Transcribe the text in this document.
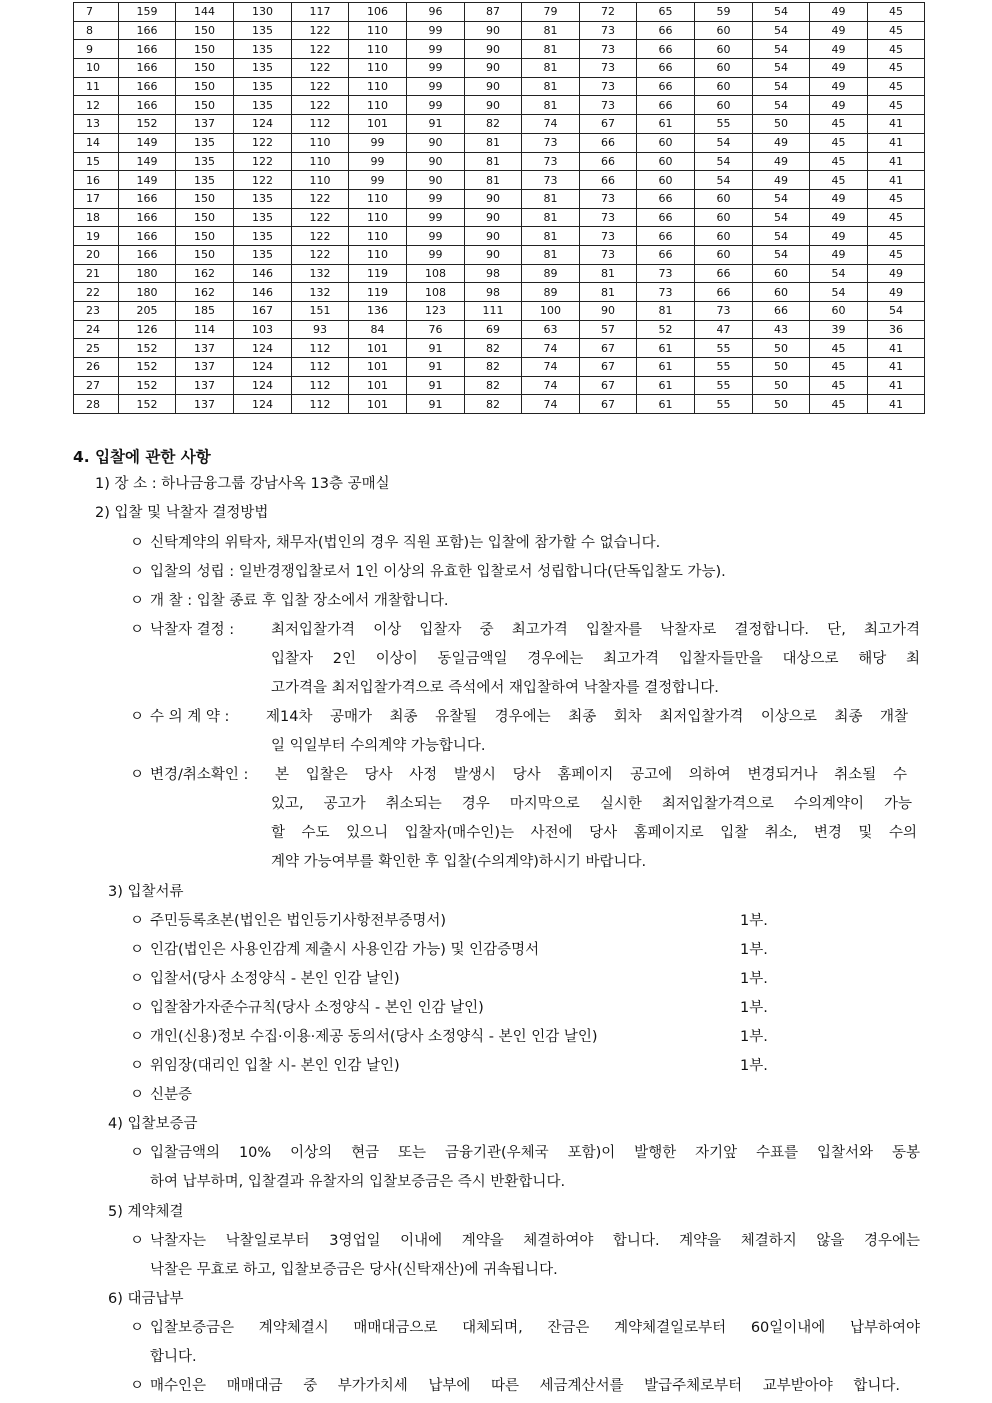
7	159	144	130	117	106	96	87	79	72	65	59	54	49	45
8	166	150	135	122	110	99	90	81	73	66	60	54	49	45
9	166	150	135	122	110	99	90	81	73	66	60	54	49	45
10	166	150	135	122	110	99	90	81	73	66	60	54	49	45
11	166	150	135	122	110	99	90	81	73	66	60	54	49	45
12	166	150	135	122	110	99	90	81	73	66	60	54	49	45
13	152	137	124	112	101	91	82	74	67	61	55	50	45	41
14	149	135	122	110	99	90	81	73	66	60	54	49	45	41
15	149	135	122	110	99	90	81	73	66	60	54	49	45	41
16	149	135	122	110	99	90	81	73	66	60	54	49	45	41
17	166	150	135	122	110	99	90	81	73	66	60	54	49	45
18	166	150	135	122	110	99	90	81	73	66	60	54	49	45
19	166	150	135	122	110	99	90	81	73	66	60	54	49	45
20	166	150	135	122	110	99	90	81	73	66	60	54	49	45
21	180	162	146	132	119	108	98	89	81	73	66	60	54	49
22	180	162	146	132	119	108	98	89	81	73	66	60	54	49
23	205	185	167	151	136	123	111	100	90	81	73	66	60	54
24	126	114	103	93	84	76	69	63	57	52	47	43	39	36
25	152	137	124	112	101	91	82	74	67	61	55	50	45	41
26	152	137	124	112	101	91	82	74	67	61	55	50	45	41
27	152	137	124	112	101	91	82	74	67	61	55	50	45	41
28	152	137	124	112	101	91	82	74	67	61	55	50	45	41
4. 입찰에 관한 사항
1) 장 소 : 하나금융그룹 강남사옥 13층 공매실
2) 입찰 및 낙찰자 결정방법
ㅇ 신탁계약의 위탁자, 채무자(법인의 경우 직원 포함)는 입찰에 참가할 수 없습니다.
ㅇ 입찰의 성립 : 일반경쟁입찰로서 1인 이상의 유효한 입찰로서 성립합니다(단독입찰도 가능).
ㅇ 개 찰 : 입찰 종료 후 입찰 장소에서 개찰합니다.
ㅇ 낙찰자 결정 :	최저입찰가격 이상 입찰자 중 최고가격 입찰자를 낙찰자로 결정합니다. 단, 최고가격
입찰자 2인 이상이 동일금액일 경우에는 최고가격 입찰자들만을 대상으로 해당 최
고가격을 최저입찰가격으로 즉석에서 재입찰하여 낙찰자를 결정합니다.
ㅇ 수 의 계 약 :	제14차 공매가 최종 유찰될 경우에는 최종 회차 최저입찰가격 이상으로 최종 개찰
일 익일부터 수의계약 가능합니다.
ㅇ 변경/취소확인 : 본 입찰은 당사 사정 발생시 당사 홈페이지 공고에 의하여 변경되거나 취소될 수
있고, 공고가 취소되는 경우 마지막으로 실시한 최저입찰가격으로 수의계약이 가능
할 수도 있으니 입찰자(매수인)는 사전에 당사 홈페이지로 입찰 취소, 변경 및 수의
계약 가능여부를 확인한 후 입찰(수의계약)하시기 바랍니다.
3) 입찰서류
ㅇ 주민등록초본(법인은 법인등기사항전부증명서)	1부.
ㅇ 인감(법인은 사용인감계 제출시 사용인감 가능) 및 인감증명서	1부.
ㅇ 입찰서(당사 소정양식 - 본인 인감 날인)	1부.
ㅇ 입찰참가자준수규칙(당사 소정양식 - 본인 인감 날인)	1부.
ㅇ 개인(신용)정보 수집·이용·제공 동의서(당사 소정양식 - 본인 인감 날인)	1부.
ㅇ 위임장(대리인 입찰 시- 본인 인감 날인)	1부.
ㅇ 신분증
4) 입찰보증금
ㅇ 입찰금액의 10% 이상의 현금 또는 금융기관(우체국 포함)이 발행한 자기앞 수표를 입찰서와 동봉
하여 납부하며, 입찰결과 유찰자의 입찰보증금은 즉시 반환합니다.
5) 계약체결
ㅇ 낙찰자는 낙찰일로부터 3영업일 이내에 계약을 체결하여야 합니다. 계약을 체결하지 않을 경우에는
낙찰은 무효로 하고, 입찰보증금은 당사(신탁재산)에 귀속됩니다.
6) 대금납부
ㅇ 입찰보증금은 계약체결시 매매대금으로 대체되며, 잔금은 계약체결일로부터 60일이내에 납부하여야
합니다.
ㅇ 매수인은 매매대금 중 부가가치세 납부에 따른 세금계산서를 발급주체로부터 교부받아야 합니다.
